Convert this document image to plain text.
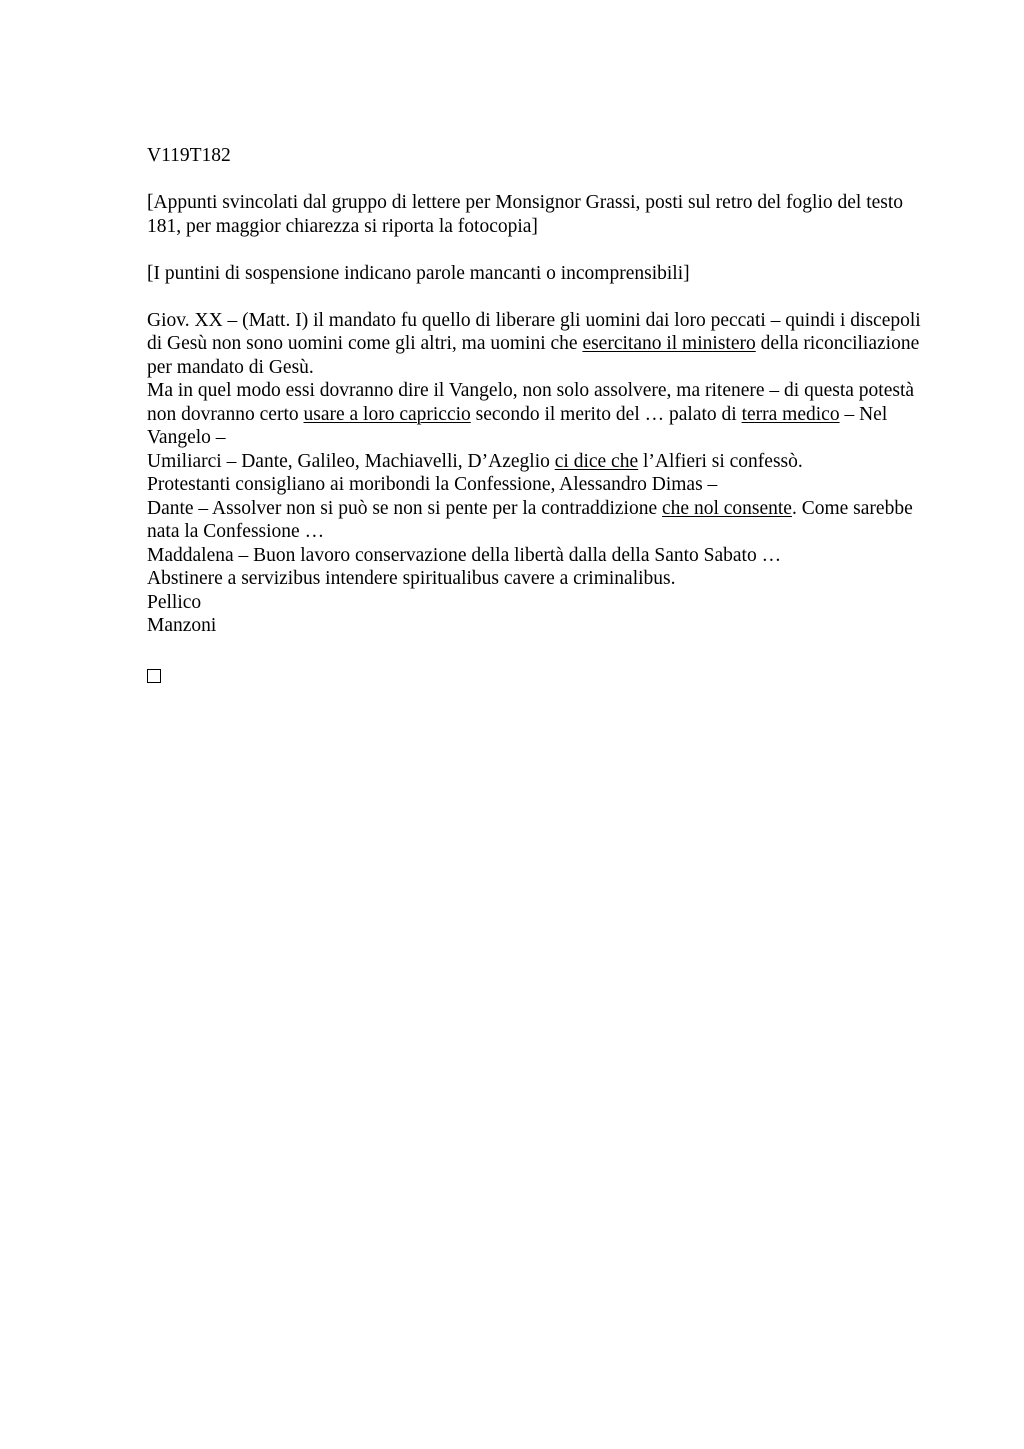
V119T182

[Appunti svincolati dal gruppo di lettere per Monsignor Grassi, posti sul retro del foglio del testo 181, per maggior chiarezza si riporta la fotocopia]

[I puntini di sospensione indicano parole mancanti o incomprensibili]

Giov. XX – (Matt. I) il mandato fu quello di liberare gli uomini dai loro peccati – quindi i discepoli di Gesù non sono uomini come gli altri, ma uomini che esercitano il ministero della riconciliazione per mandato di Gesù.

Ma in quel modo essi dovranno dire il Vangelo, non solo assolvere, ma ritenere – di questa potestà non dovranno certo usare a loro capriccio secondo il merito del … palato di terra medico – Nel Vangelo –

Umiliarci – Dante, Galileo, Machiavelli, D’Azeglio ci dice che l’Alfieri si confessò.

Protestanti consigliano ai moribondi la Confessione, Alessandro Dimas –

Dante – Assolver non si può se non si pente per la contraddizione che nol consente. Come sarebbe nata la Confessione …

Maddalena – Buon lavoro conservazione della libertà dalla della Santo Sabato …

Abstinere a servizibus intendere spiritualibus cavere a criminalibus.

Pellico

Manzoni
